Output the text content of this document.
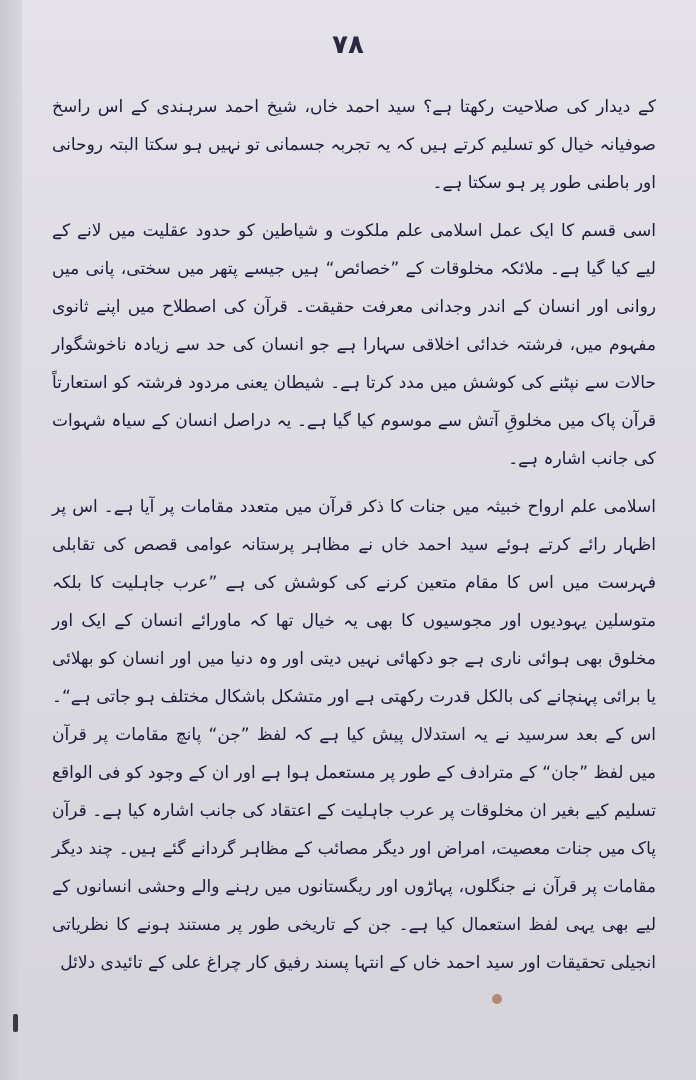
٧٨

کے دیدار کی صلاحیت رکھتا ہے؟ سید احمد خاں، شیخ احمد سرہندی کے اس راسخ صوفیانہ خیال کو تسلیم کرتے ہیں کہ یہ تجربہ جسمانی تو نہیں ہو سکتا البتہ روحانی اور باطنی طور پر ہو سکتا ہے۔

اسی قسم کا ایک عمل اسلامی علم ملکوت و شیاطین کو حدود عقلیت میں لانے کے لیے کیا گیا ہے۔ ملائکہ مخلوقات کے ”خصائص“ ہیں جیسے پتھر میں سختی، پانی میں روانی اور انسان کے اندر وجدانی معرفت حقیقت۔ قرآن کی اصطلاح میں اپنے ثانوی مفہوم میں، فرشتہ خدائی اخلاقی سہارا ہے جو انسان کی حد سے زیادہ ناخوشگوار حالات سے نپٹنے کی کوشش میں مدد کرتا ہے۔ شیطان یعنی مردود فرشتہ کو استعارتاً قرآن پاک میں مخلوقِ آتش سے موسوم کیا گیا ہے۔ یہ دراصل انسان کے سیاہ شہوات کی جانب اشارہ ہے۔

اسلامی علم ارواح خبیثہ میں جنات کا ذکر قرآن میں متعدد مقامات پر آیا ہے۔ اس پر اظہار رائے کرتے ہوئے سید احمد خاں نے مظاہر پرستانہ عوامی قصص کی تقابلی فہرست میں اس کا مقام متعین کرنے کی کوشش کی ہے ”عرب جاہلیت کا بلکہ متوسلین یہودیوں اور مجوسیوں کا بھی یہ خیال تھا کہ ماورائے انسان کے ایک اور مخلوق بھی ہوائی ناری ہے جو دکھائی نہیں دیتی اور وہ دنیا میں اور انسان کو بھلائی یا برائی پہنچانے کی بالکل قدرت رکھتی ہے اور متشکل باشکال مختلف ہو جاتی ہے“۔ اس کے بعد سرسید نے یہ استدلال پیش کیا ہے کہ لفظ ”جن“ پانچ مقامات پر قرآن میں لفظ ”جان“ کے مترادف کے طور پر مستعمل ہوا ہے اور ان کے وجود کو فی الواقع تسلیم کیے بغیر ان مخلوقات پر عرب جاہلیت کے اعتقاد کی جانب اشارہ کیا ہے۔ قرآن پاک میں جنات معصیت، امراض اور دیگر مصائب کے مظاہر گردانے گئے ہیں۔ چند دیگر مقامات پر قرآن نے جنگلوں، پہاڑوں اور ریگستانوں میں رہنے والے وحشی انسانوں کے لیے بھی یہی لفظ استعمال کیا ہے۔ جن کے تاریخی طور پر مستند ہونے کا نظریاتی انجیلی تحقیقات اور سید احمد خاں کے انتہا پسند رفیق کار چراغ علی کے تائیدی دلائل
